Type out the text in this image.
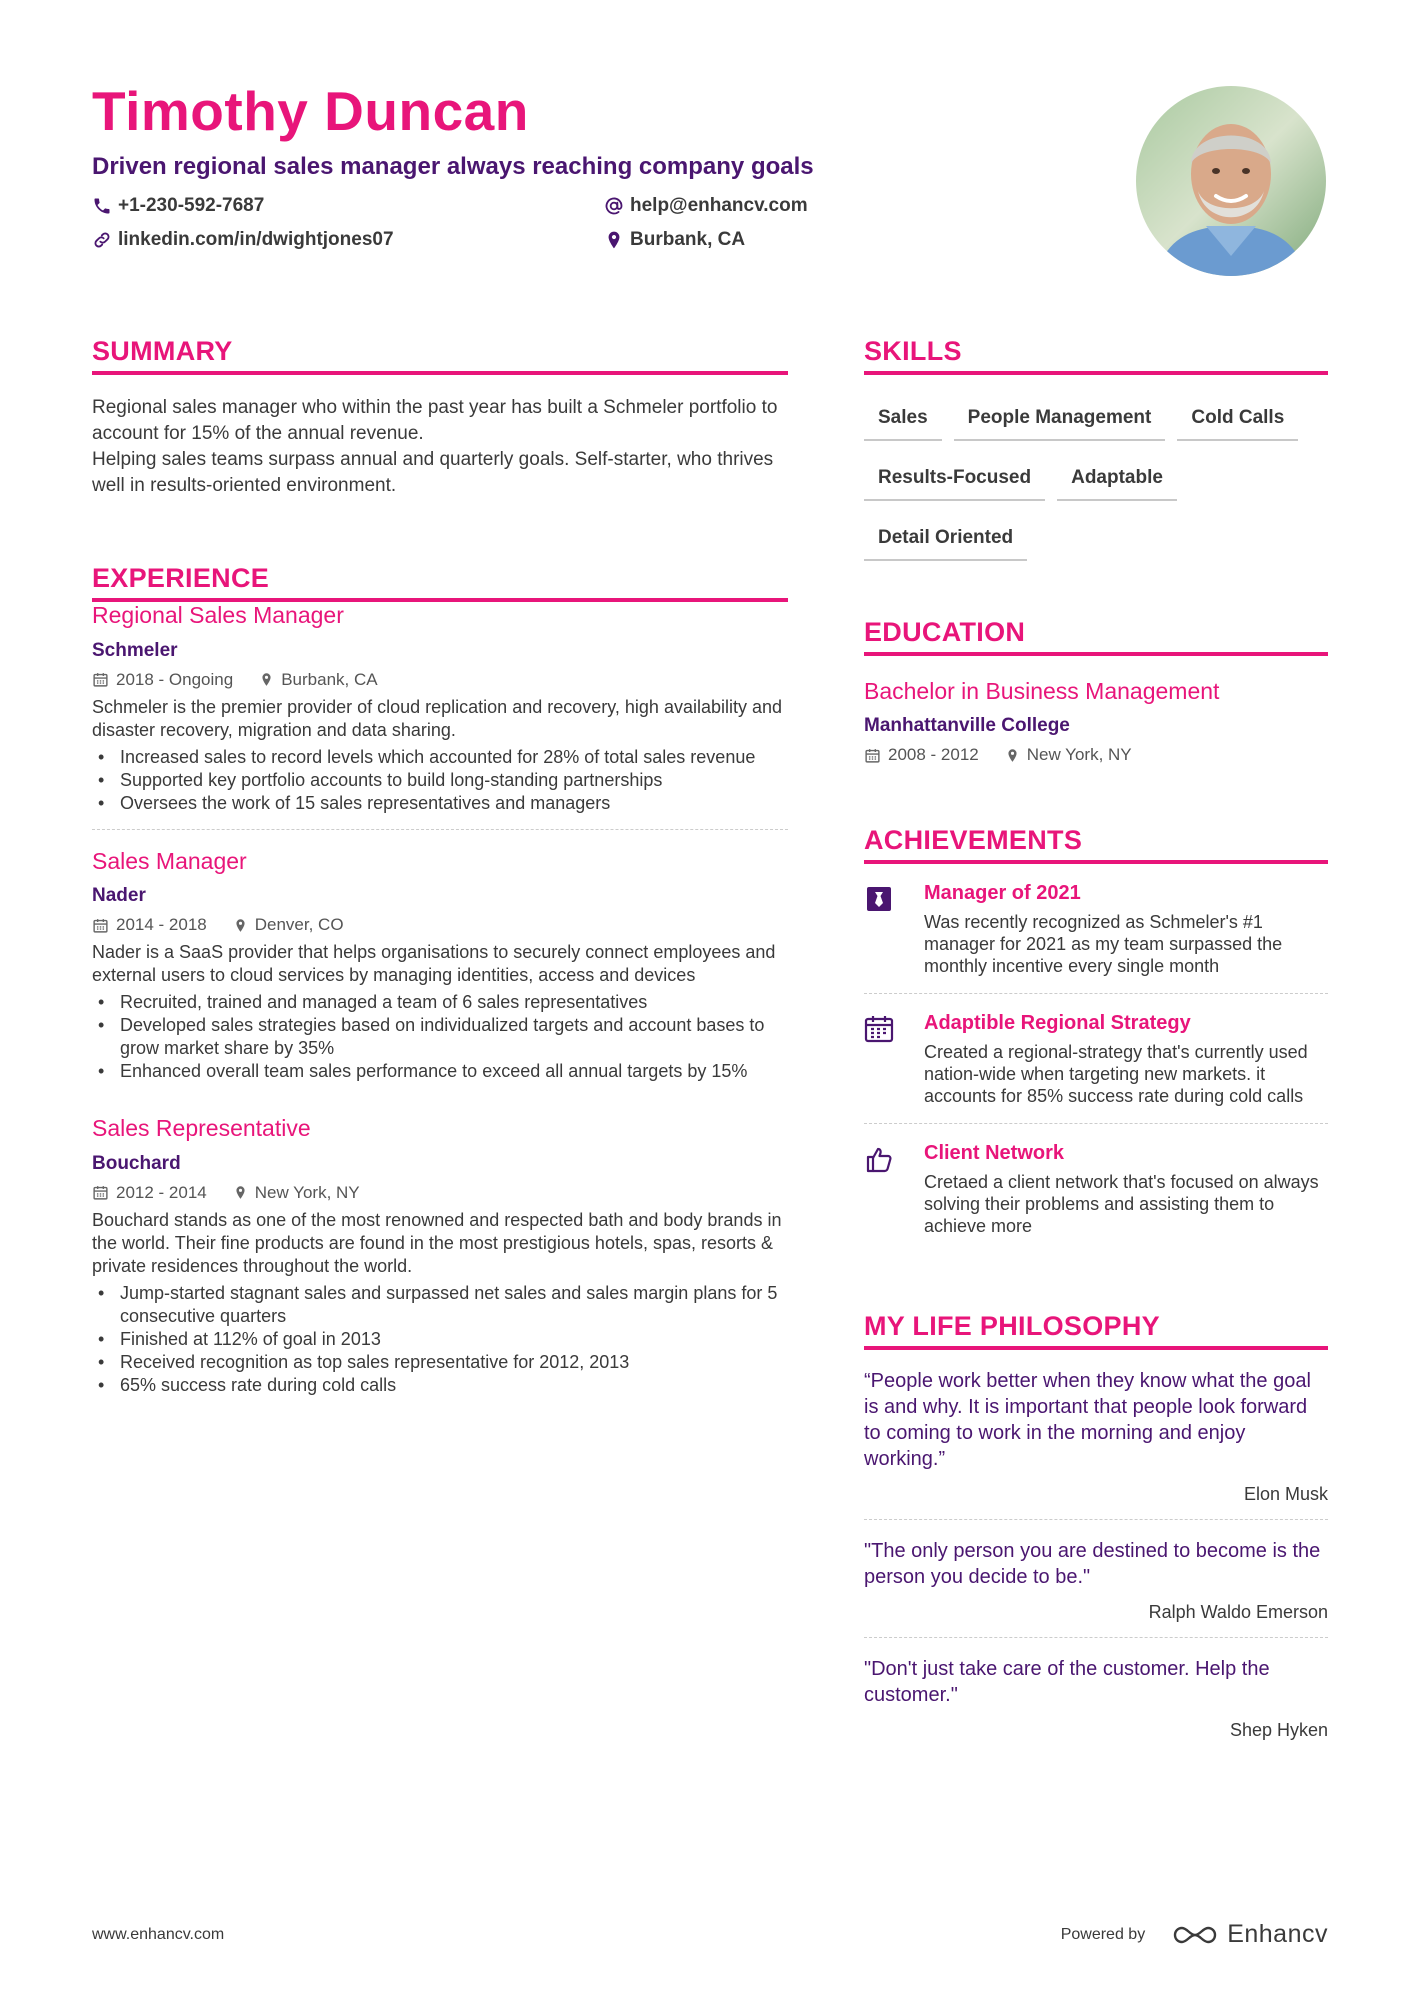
Timothy Duncan
Driven regional sales manager always reaching company goals
+1-230-592-7687	help@enhancv.com
linkedin.com/in/dwightjones07	Burbank, CA
SUMMARY

Regional sales manager who within the past year has built a Schmeler portfolio to account for 15% of the annual revenue.

Helping sales teams surpass annual and quarterly goals. Self-starter, who thrives well in results-oriented environment.

EXPERIENCE
Regional Sales Manager
Schmeler
2018 - Ongoing	Burbank, CA
Schmeler is the premier provider of cloud replication and recovery, high availability and disaster recovery, migration and data sharing.
• Increased sales to record levels which accounted for 28% of total sales revenue
• Supported key portfolio accounts to build long-standing partnerships
• Oversees the work of 15 sales representatives and managers
Sales Manager
Nader
2014 - 2018	Denver, CO
Nader is a SaaS provider that helps organisations to securely connect employees and external users to cloud services by managing identities, access and devices
• Recruited, trained and managed a team of 6 sales representatives
• Developed sales strategies based on individualized targets and account bases to grow market share by 35%
• Enhanced overall team sales performance to exceed all annual targets by 15%
Sales Representative
Bouchard
2012 - 2014	New York, NY
Bouchard stands as one of the most renowned and respected bath and body brands in the world. Their fine products are found in the most prestigious hotels, spas, resorts & private residences throughout the world.
• Jump-started stagnant sales and surpassed net sales and sales margin plans for 5 consecutive quarters
• Finished at 112% of goal in 2013
• Received recognition as top sales representative for 2012, 2013
• 65% success rate during cold calls
SKILLS
Sales	People Management	Cold Calls
Results-Focused	Adaptable
Detail Oriented
EDUCATION
Bachelor in Business Management
Manhattanville College
2008 - 2012	New York, NY
ACHIEVEMENTS
Manager of 2021
Was recently recognized as Schmeler's #1 manager for 2021 as my team surpassed the monthly incentive every single month
Adaptible Regional Strategy
Created a regional-strategy that's currently used nation-wide when targeting new markets. it accounts for 85% success rate during cold calls
Client Network
Cretaed a client network that's focused on always solving their problems and assisting them to achieve more
MY LIFE PHILOSOPHY
“People work better when they know what the goal is and why. It is important that people look forward to coming to work in the morning and enjoy working.”
Elon Musk
"The only person you are destined to become is the person you decide to be."
Ralph Waldo Emerson
"Don't just take care of the customer. Help the customer."
Shep Hyken
www.enhancv.com	Powered by	Enhancv
